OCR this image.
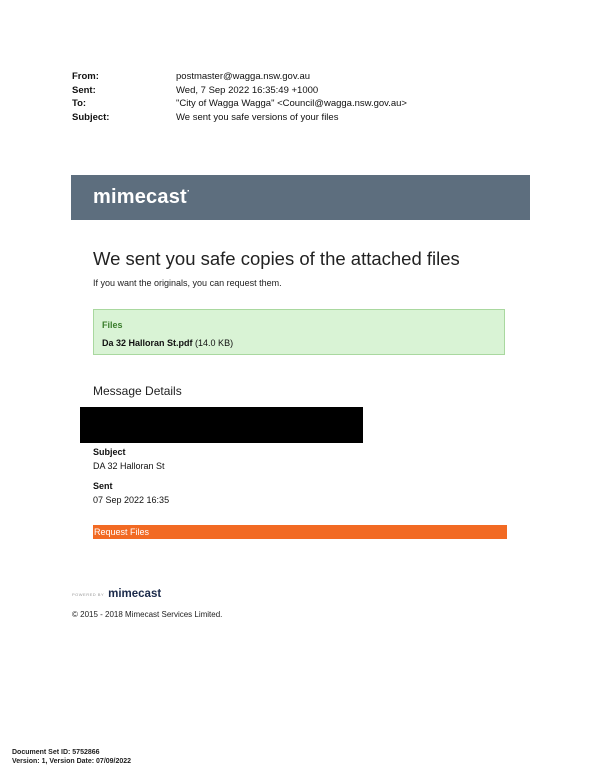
From:	postmaster@wagga.nsw.gov.au
Sent:	Wed, 7 Sep 2022 16:35:49 +1000
To:	"City of Wagga Wagga" <Council@wagga.nsw.gov.au>
Subject:	We sent you safe versions of your files
mimecast·
We sent you safe copies of the attached files
If you want the originals, you can request them.
Files
Da 32 Halloran St.pdf (14.0 KB)
Message Details
Subject
DA 32 Halloran St
Sent
07 Sep 2022 16:35
Request Files
POWERED BY mimecast
© 2015 - 2018 Mimecast Services Limited.
Document Set ID: 5752866
Version: 1, Version Date: 07/09/2022
